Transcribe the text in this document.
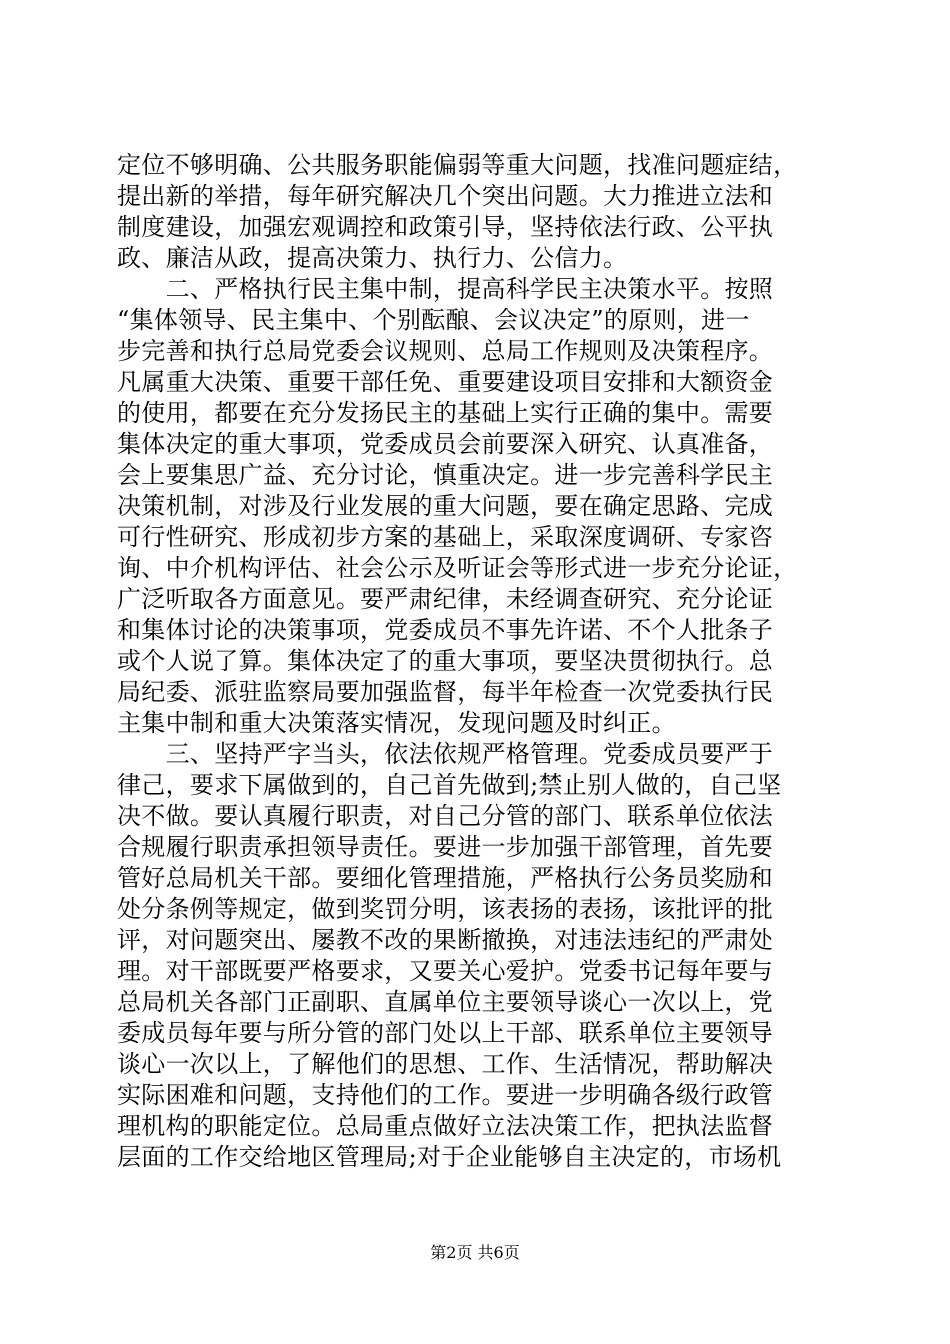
定位不够明确、公共服务职能偏弱等重大问题，找准问题症结，
提出新的举措，每年研究解决几个突出问题。大力推进立法和
制度建设，加强宏观调控和政策引导，坚持依法行政、公平执
政、廉洁从政，提高决策力、执行力、公信力。
　　二、严格执行民主集中制，提高科学民主决策水平。按照
“集体领导、民主集中、个别酝酿、会议决定”的原则，进一
步完善和执行总局党委会议规则、总局工作规则及决策程序。
凡属重大决策、重要干部任免、重要建设项目安排和大额资金
的使用，都要在充分发扬民主的基础上实行正确的集中。需要
集体决定的重大事项，党委成员会前要深入研究、认真准备，
会上要集思广益、充分讨论，慎重决定。进一步完善科学民主
决策机制，对涉及行业发展的重大问题，要在确定思路、完成
可行性研究、形成初步方案的基础上，采取深度调研、专家咨
询、中介机构评估、社会公示及听证会等形式进一步充分论证，
广泛听取各方面意见。要严肃纪律，未经调查研究、充分论证
和集体讨论的决策事项，党委成员不事先许诺、不个人批条子
或个人说了算。集体决定了的重大事项，要坚决贯彻执行。总
局纪委、派驻监察局要加强监督，每半年检查一次党委执行民
主集中制和重大决策落实情况，发现问题及时纠正。
　　三、坚持严字当头，依法依规严格管理。党委成员要严于
律己，要求下属做到的，自己首先做到;禁止别人做的，自己坚
决不做。要认真履行职责，对自己分管的部门、联系单位依法
合规履行职责承担领导责任。要进一步加强干部管理，首先要
管好总局机关干部。要细化管理措施，严格执行公务员奖励和
处分条例等规定，做到奖罚分明，该表扬的表扬，该批评的批
评，对问题突出、屡教不改的果断撤换，对违法违纪的严肃处
理。对干部既要严格要求，又要关心爱护。党委书记每年要与
总局机关各部门正副职、直属单位主要领导谈心一次以上，党
委成员每年要与所分管的部门处以上干部、联系单位主要领导
谈心一次以上，了解他们的思想、工作、生活情况，帮助解决
实际困难和问题，支持他们的工作。要进一步明确各级行政管
理机构的职能定位。总局重点做好立法决策工作，把执法监督
层面的工作交给地区管理局;对于企业能够自主决定的，市场机
第2页 共6页
